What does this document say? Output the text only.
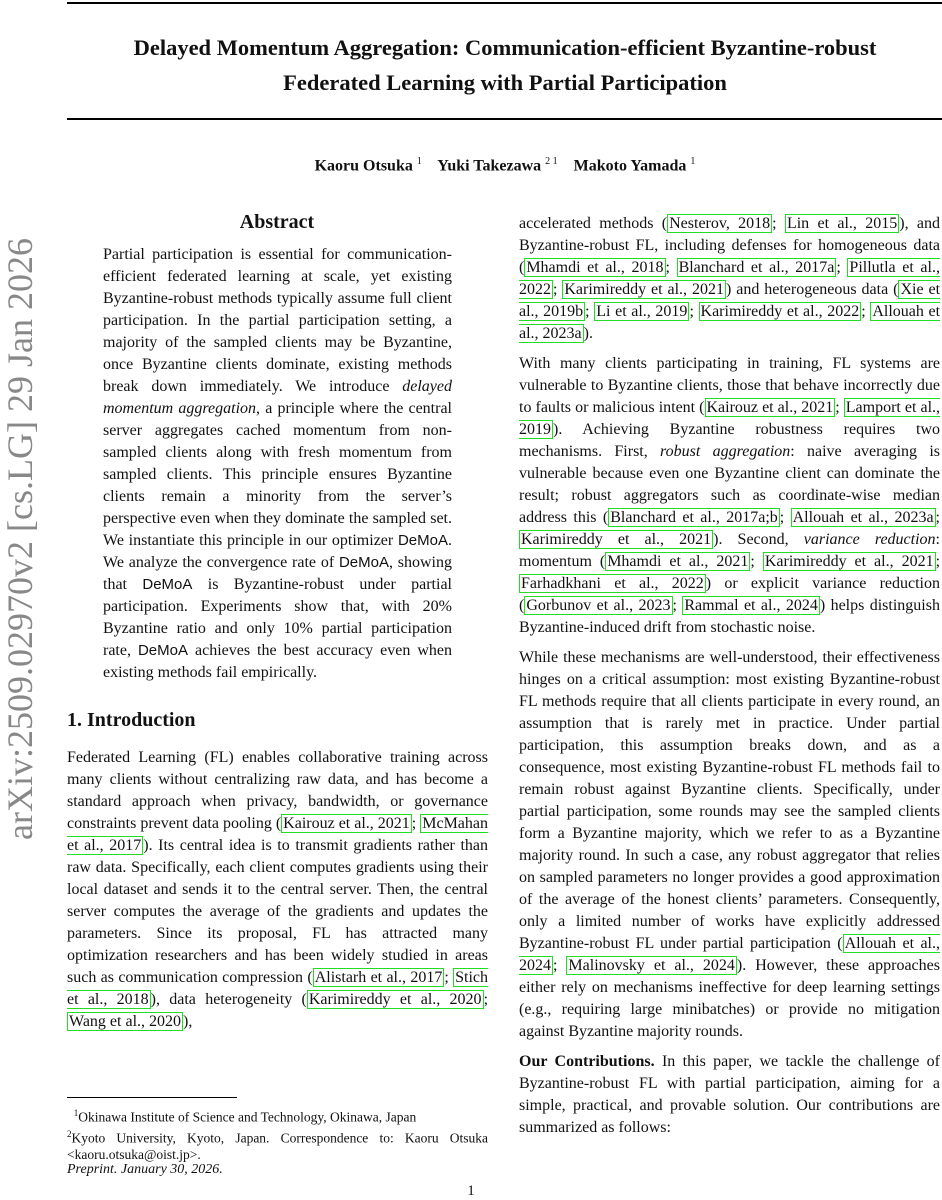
Delayed Momentum Aggregation: Communication-efficient Byzantine-robust
Federated Learning with Partial Participation
Kaoru Otsuka $^1$ Yuki Takezawa $^{2 1}$ Makoto Yamada $^1$
arXiv:2509.02970v2 [cs.LG] 29 Jan 2026
Abstract
Partial participation is essential for communication-efficient federated learning at scale, yet existing Byzantine-robust methods typically assume full client participation. In the partial participation setting, a majority of the sampled clients may be Byzantine, once Byzantine clients dominate, existing methods break down immediately. We introduce delayed momentum aggregation, a principle where the central server aggregates cached momentum from non-sampled clients along with fresh momentum from sampled clients. This principle ensures Byzantine clients remain a minority from the server’s perspective even when they dominate the sampled set. We instantiate this principle in our optimizer DeMoA. We analyze the convergence rate of DeMoA, showing that DeMoA is Byzantine-robust under partial participation. Experiments show that, with 20% Byzantine ratio and only 10% partial participation rate, DeMoA achieves the best accuracy even when existing methods fail empirically.
1. Introduction
Federated Learning (FL) enables collaborative training across many clients without centralizing raw data, and has become a standard approach when privacy, bandwidth, or governance constraints prevent data pooling ( Kairouz et al., 2021 ; McMahan et al., 2017 ). Its central idea is to transmit gradients rather than raw data. Specifically, each client computes gradients using their local dataset and sends it to the central server. Then, the central server computes the average of the gradients and updates the parameters. Since its proposal, FL has attracted many optimization researchers and has been widely studied in areas such as communication compression ( Alistarh et al., 2017 ; Stich et al., 2018 ), data heterogeneity ( Karimireddy et al., 2020 ; Wang et al., 2020 ),
$^1$Okinawa Institute of Science and Technology, Okinawa, Japan
$^2$Kyoto University, Kyoto, Japan. Correspondence to: Kaoru Otsuka <kaoru.otsuka@oist.jp>.
Preprint. January 30, 2026.
1

accelerated methods ( Nesterov, 2018 ; Lin et al., 2015 ), and Byzantine-robust FL, including defenses for homogeneous data ( Mhamdi et al., 2018 ; Blanchard et al., 2017a ; Pillutla et al., 2022 ; Karimireddy et al., 2021 ) and heterogeneous data ( Xie et al., 2019b ; Li et al., 2019 ; Karimireddy et al., 2022 ; Allouah et al., 2023a ).

With many clients participating in training, FL systems are vulnerable to Byzantine clients, those that behave incorrectly due to faults or malicious intent ( Kairouz et al., 2021 ; Lamport et al., 2019 ). Achieving Byzantine robustness requires two mechanisms. First, robust aggregation: naive averaging is vulnerable because even one Byzantine client can dominate the result; robust aggregators such as coordinate-wise median address this ( Blanchard et al., 2017a;b ; Allouah et al., 2023a ; Karimireddy et al., 2021 ). Second, variance reduction: momentum ( Mhamdi et al., 2021 ; Karimireddy et al., 2021 ; Farhadkhani et al., 2022 ) or explicit variance reduction ( Gorbunov et al., 2023 ; Rammal et al., 2024 ) helps distinguish Byzantine-induced drift from stochastic noise.

While these mechanisms are well-understood, their effectiveness hinges on a critical assumption: most existing Byzantine-robust FL methods require that all clients participate in every round, an assumption that is rarely met in practice. Under partial participation, this assumption breaks down, and as a consequence, most existing Byzantine-robust FL methods fail to remain robust against Byzantine clients. Specifically, under partial participation, some rounds may see the sampled clients form a Byzantine majority, which we refer to as a Byzantine majority round. In such a case, any robust aggregator that relies on sampled parameters no longer provides a good approximation of the average of the honest clients’ parameters. Consequently, only a limited number of works have explicitly addressed Byzantine-robust FL under partial participation ( Allouah et al., 2024 ; Malinovsky et al., 2024 ). However, these approaches either rely on mechanisms ineffective for deep learning settings (e.g., requiring large minibatches) or provide no mitigation against Byzantine majority rounds.

Our Contributions. In this paper, we tackle the challenge of Byzantine-robust FL with partial participation, aiming for a simple, practical, and provable solution. Our contributions are summarized as follows:
